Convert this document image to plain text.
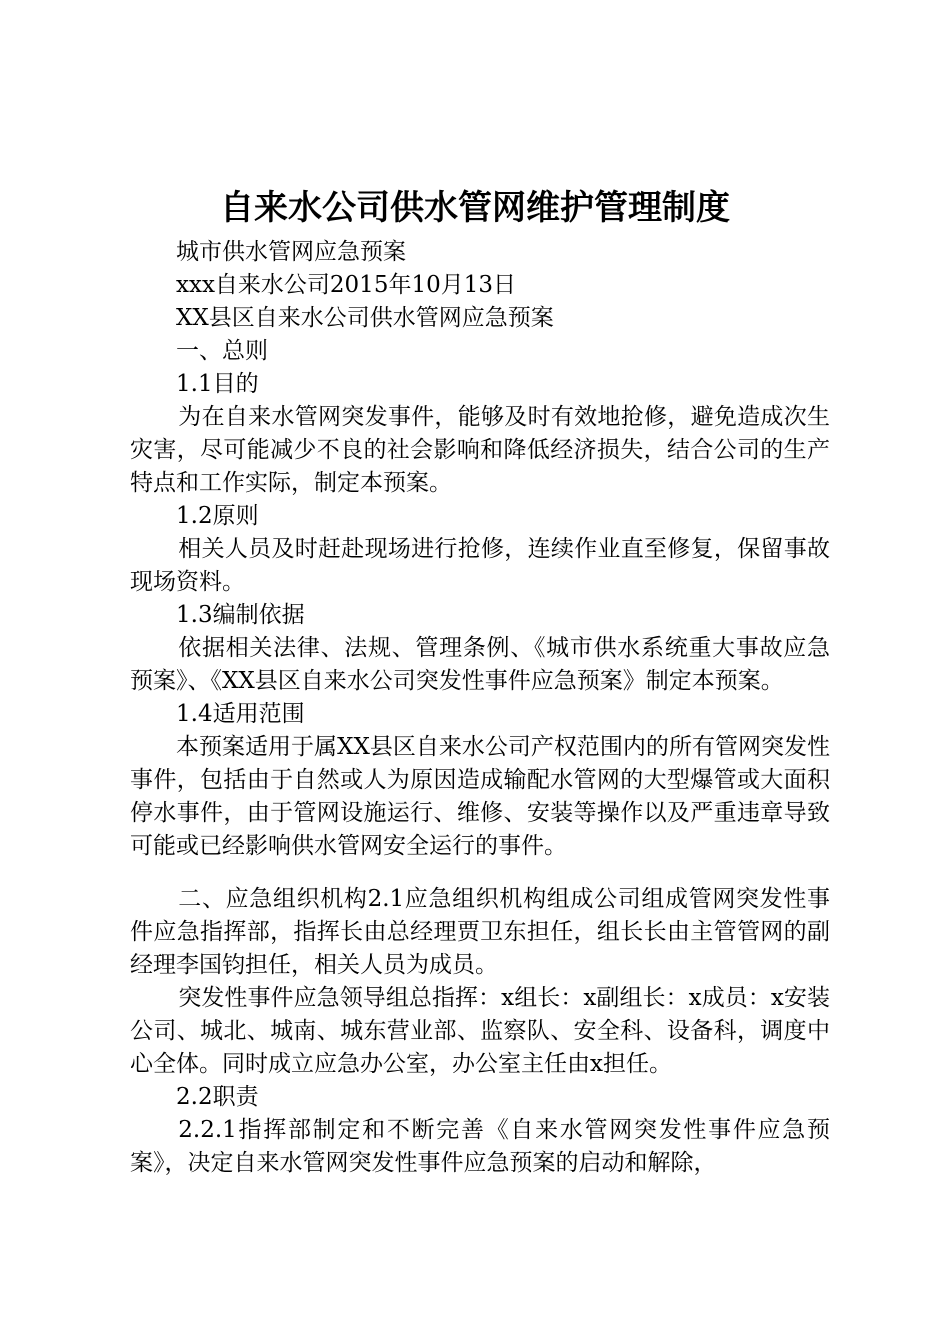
自来水公司供水管网维护管理制度

城市供水管网应急预案

xxx自来水公司2015年10月13日

XX县区自来水公司供水管网应急预案

一、总则

1.1目的

为在自来水管网突发事件，能够及时有效地抢修，避免造成次生灾害，尽可能减少不良的社会影响和降低经济损失，结合公司的生产特点和工作实际，制定本预案。

1.2原则

相关人员及时赶赴现场进行抢修，连续作业直至修复，保留事故现场资料。

1.3编制依据

依据相关法律、法规、管理条例、《城市供水系统重大事故应急预案》、《XX县区自来水公司突发性事件应急预案》制定本预案。

1.4适用范围

本预案适用于属XX县区自来水公司产权范围内的所有管网突发性事件，包括由于自然或人为原因造成输配水管网的大型爆管或大面积停水事件，由于管网设施运行、维修、安装等操作以及严重违章导致可能或已经影响供水管网安全运行的事件。

二、应急组织机构2.1应急组织机构组成公司组成管网突发性事件应急指挥部，指挥长由总经理贾卫东担任，组长长由主管管网的副经理李国钧担任，相关人员为成员。

突发性事件应急领导组总指挥：x组长：x副组长：x成员：x安装公司、城北、城南、城东营业部、监察队、安全科、设备科，调度中心全体。同时成立应急办公室，办公室主任由x担任。

2.2职责

2.2.1指挥部制定和不断完善《自来水管网突发性事件应急预案》，决定自来水管网突发性事件应急预案的启动和解除，
